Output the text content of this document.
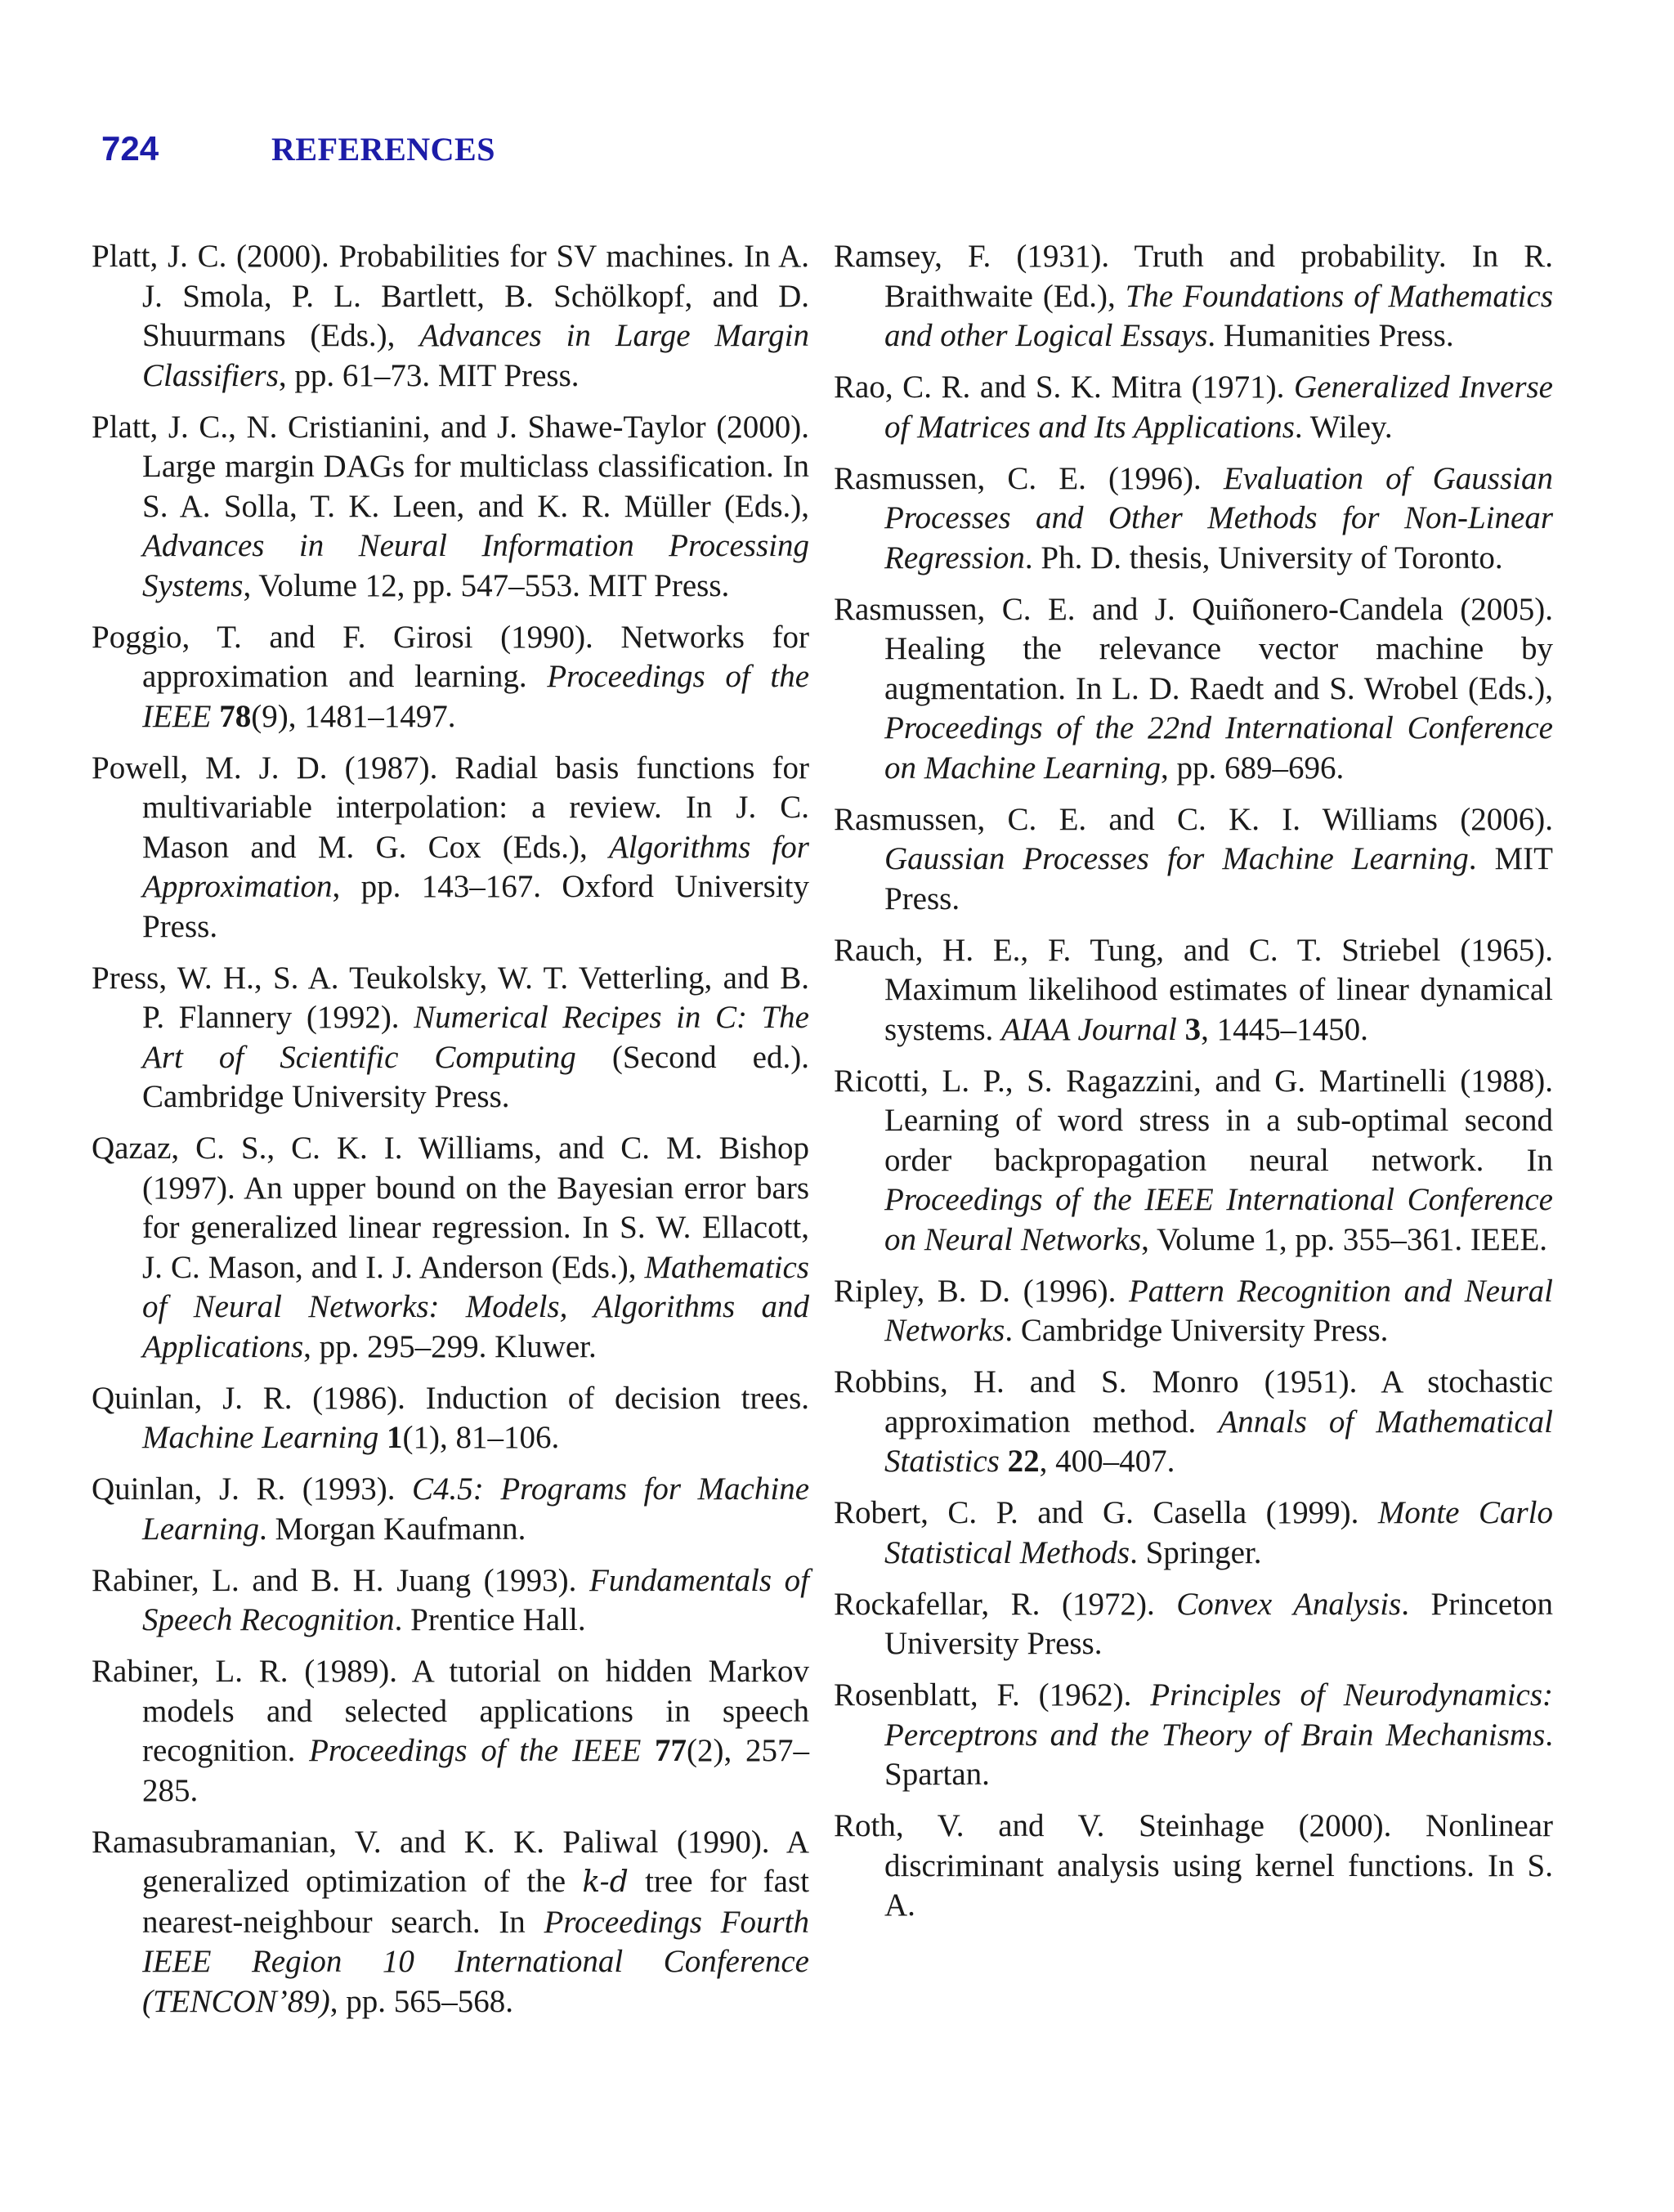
724	REFERENCES

Platt, J. C. (2000). Probabilities for SV machines. In A. J. Smola, P. L. Bartlett, B. Schölkopf, and D. Shuurmans (Eds.), Advances in Large Margin Classifiers, pp. 61–73. MIT Press.

Platt, J. C., N. Cristianini, and J. Shawe-Taylor (2000). Large margin DAGs for multiclass classification. In S. A. Solla, T. K. Leen, and K. R. Müller (Eds.), Advances in Neural Information Processing Systems, Volume 12, pp. 547–553. MIT Press.

Poggio, T. and F. Girosi (1990). Networks for approximation and learning. Proceedings of the IEEE 78(9), 1481–1497.

Powell, M. J. D. (1987). Radial basis functions for multivariable interpolation: a review. In J. C. Mason and M. G. Cox (Eds.), Algorithms for Approximation, pp. 143–167. Oxford University Press.

Press, W. H., S. A. Teukolsky, W. T. Vetterling, and B. P. Flannery (1992). Numerical Recipes in C: The Art of Scientific Computing (Second ed.). Cambridge University Press.

Qazaz, C. S., C. K. I. Williams, and C. M. Bishop (1997). An upper bound on the Bayesian error bars for generalized linear regression. In S. W. Ellacott, J. C. Mason, and I. J. Anderson (Eds.), Mathematics of Neural Networks: Models, Algorithms and Applications, pp. 295–299. Kluwer.

Quinlan, J. R. (1986). Induction of decision trees. Machine Learning 1(1), 81–106.

Quinlan, J. R. (1993). C4.5: Programs for Machine Learning. Morgan Kaufmann.

Rabiner, L. and B. H. Juang (1993). Fundamentals of Speech Recognition. Prentice Hall.

Rabiner, L. R. (1989). A tutorial on hidden Markov models and selected applications in speech recognition. Proceedings of the IEEE 77(2), 257–285.

Ramasubramanian, V. and K. K. Paliwal (1990). A generalized optimization of the k-d tree for fast nearest-neighbour search. In Proceedings Fourth IEEE Region 10 International Conference (TENCON’89), pp. 565–568.

Ramsey, F. (1931). Truth and probability. In R. Braithwaite (Ed.), The Foundations of Mathematics and other Logical Essays. Humanities Press.

Rao, C. R. and S. K. Mitra (1971). Generalized Inverse of Matrices and Its Applications. Wiley.

Rasmussen, C. E. (1996). Evaluation of Gaussian Processes and Other Methods for Non-Linear Regression. Ph. D. thesis, University of Toronto.

Rasmussen, C. E. and J. Quiñonero-Candela (2005). Healing the relevance vector machine by augmentation. In L. D. Raedt and S. Wrobel (Eds.), Proceedings of the 22nd International Conference on Machine Learning, pp. 689–696.

Rasmussen, C. E. and C. K. I. Williams (2006). Gaussian Processes for Machine Learning. MIT Press.

Rauch, H. E., F. Tung, and C. T. Striebel (1965). Maximum likelihood estimates of linear dynamical systems. AIAA Journal 3, 1445–1450.

Ricotti, L. P., S. Ragazzini, and G. Martinelli (1988). Learning of word stress in a sub-optimal second order backpropagation neural network. In Proceedings of the IEEE International Conference on Neural Networks, Volume 1, pp. 355–361. IEEE.

Ripley, B. D. (1996). Pattern Recognition and Neural Networks. Cambridge University Press.

Robbins, H. and S. Monro (1951). A stochastic approximation method. Annals of Mathematical Statistics 22, 400–407.

Robert, C. P. and G. Casella (1999). Monte Carlo Statistical Methods. Springer.

Rockafellar, R. (1972). Convex Analysis. Princeton University Press.

Rosenblatt, F. (1962). Principles of Neurodynamics: Perceptrons and the Theory of Brain Mechanisms. Spartan.

Roth, V. and V. Steinhage (2000). Nonlinear discriminant analysis using kernel functions. In S. A.
